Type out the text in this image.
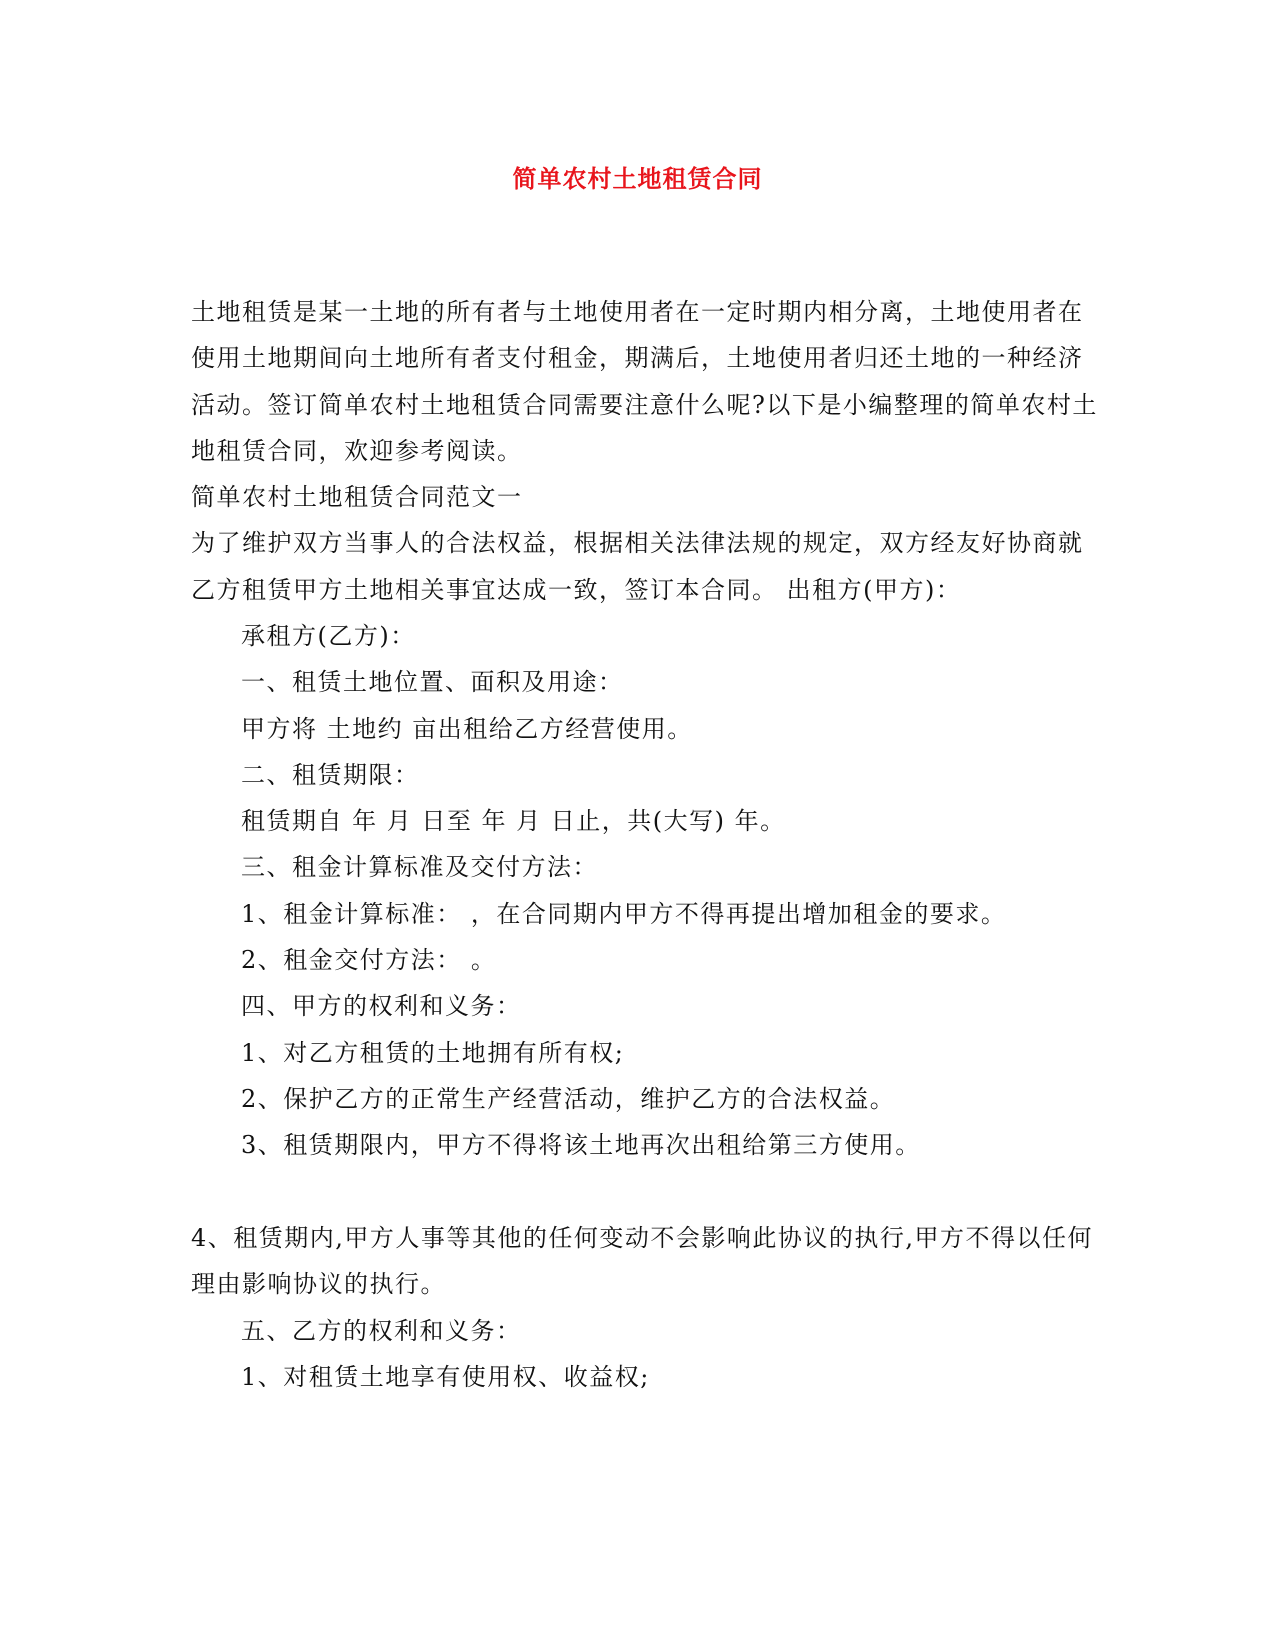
简单农村土地租赁合同
土地租赁是某一土地的所有者与土地使用者在一定时期内相分离，土地使用者在
使用土地期间向土地所有者支付租金，期满后，土地使用者归还土地的一种经济
活动。签订简单农村土地租赁合同需要注意什么呢?以下是小编整理的简单农村土
地租赁合同，欢迎参考阅读。
简单农村土地租赁合同范文一
为了维护双方当事人的合法权益，根据相关法律法规的规定，双方经友好协商就
乙方租赁甲方土地相关事宜达成一致，签订本合同。 出租方(甲方)：
承租方(乙方)：
一、租赁土地位置、面积及用途：
甲方将 土地约 亩出租给乙方经营使用。
二、租赁期限：
租赁期自 年 月 日至 年 月 日止，共(大写) 年。
三、租金计算标准及交付方法：
1、租金计算标准： ，在合同期内甲方不得再提出增加租金的要求。
2、租金交付方法： 。
四、甲方的权利和义务：
1、对乙方租赁的土地拥有所有权;
2、保护乙方的正常生产经营活动，维护乙方的合法权益。
3、租赁期限内，甲方不得将该土地再次出租给第三方使用。
4、租赁期内,甲方人事等其他的任何变动不会影响此协议的执行,甲方不得以任何
理由影响协议的执行。
五、乙方的权利和义务：
1、对租赁土地享有使用权、收益权;
